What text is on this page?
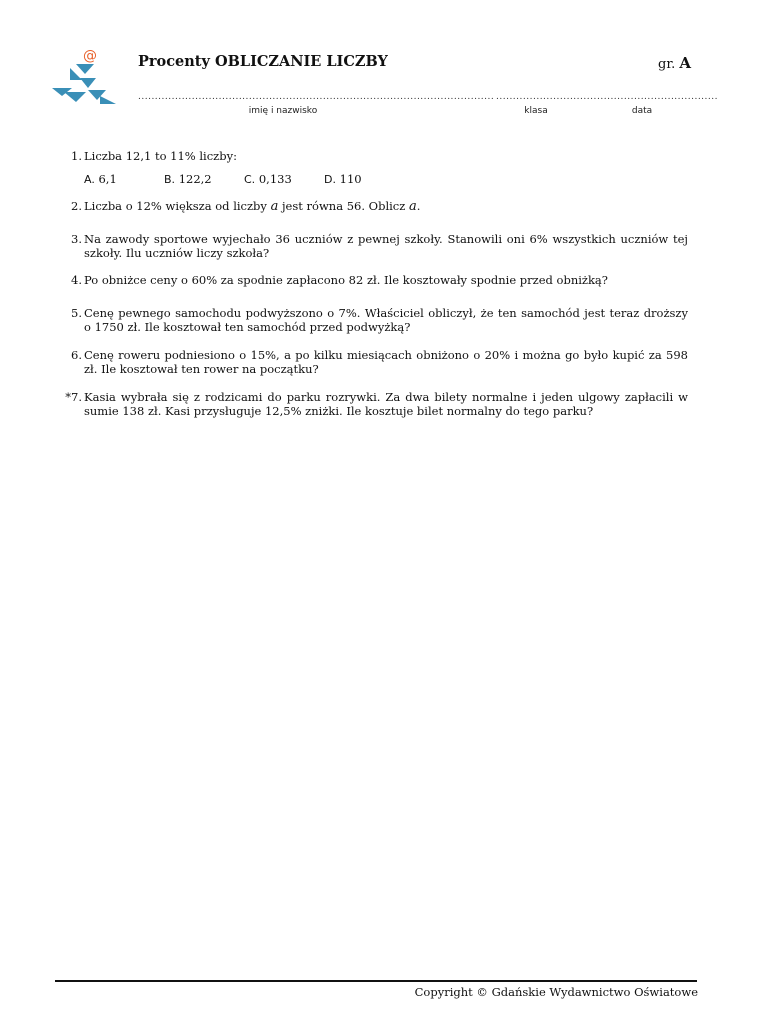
@	Procenty OBLICZANIE LICZBY	gr. A
.......................................................................................................... .............................. ....................................
imię i nazwisko	klasa	data
1. Liczba 12,1 to 11% liczby:
A. 6,1	B. 122,2	C. 0,133	D. 110
2. Liczba o 12% większa od liczby a jest równa 56. Oblicz a.
3. Na zawody sportowe wyjechało 36 uczniów z pewnej szkoły. Stanowili oni 6% wszystkich uczniów tej szkoły. Ilu uczniów liczy szkoła?
4. Po obniżce ceny o 60% za spodnie zapłacono 82 zł. Ile kosztowały spodnie przed obniżką?
5. Cenę pewnego samochodu podwyższono o 7%. Właściciel obliczył, że ten samochód jest teraz droższy o 1750 zł. Ile kosztował ten samochód przed podwyżką?
6. Cenę roweru podniesiono o 15%, a po kilku miesiącach obniżono o 20% i można go było kupić za 598 zł. Ile kosztował ten rower na początku?
*7. Kasia wybrała się z rodzicami do parku rozrywki. Za dwa bilety normalne i jeden ulgowy zapłacili w sumie 138 zł. Kasi przysługuje 12,5% zniżki. Ile kosztuje bilet normalny do tego parku?
Copyright © Gdańskie Wydawnictwo Oświatowe
